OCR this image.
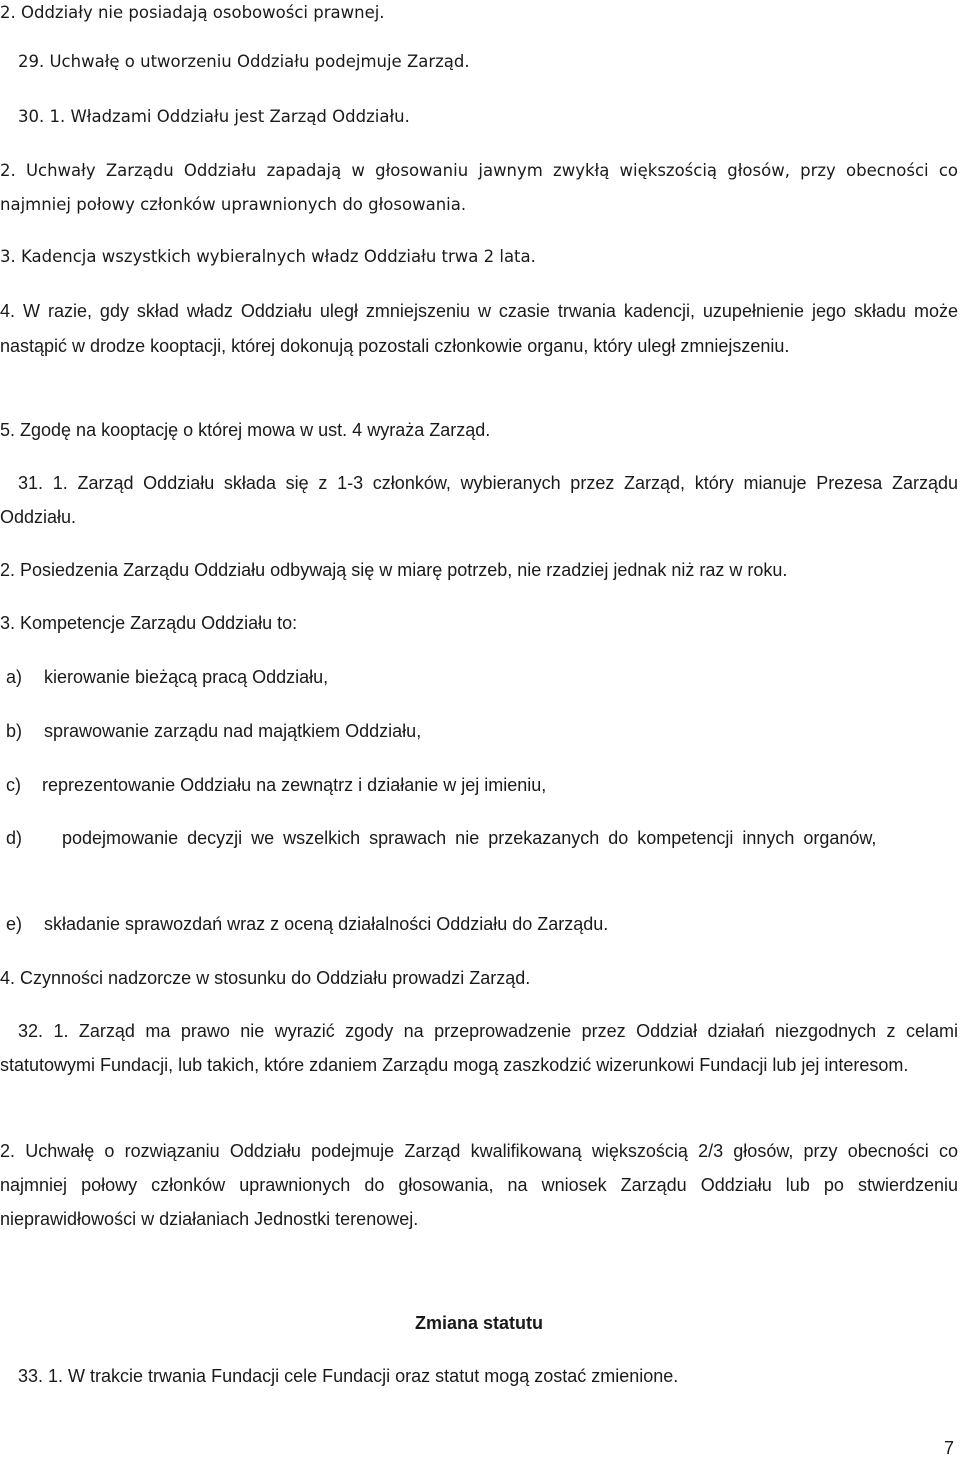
2. Oddziały nie posiadają osobowości prawnej.
29. Uchwałę o utworzeniu Oddziału podejmuje Zarząd.
30. 1. Władzami Oddziału jest Zarząd Oddziału.
2. Uchwały Zarządu Oddziału zapadają w głosowaniu jawnym zwykłą większością głosów, przy obecności co najmniej połowy członków uprawnionych do głosowania.
3. Kadencja wszystkich wybieralnych władz Oddziału trwa 2 lata.
4. W razie, gdy skład władz Oddziału uległ zmniejszeniu w czasie trwania kadencji, uzupełnienie jego składu może nastąpić w drodze kooptacji, której dokonują pozostali członkowie organu, który uległ zmniejszeniu.
5. Zgodę na kooptację o której mowa w ust. 4 wyraża Zarząd.
31. 1. Zarząd Oddziału składa się z 1-3 członków, wybieranych przez Zarząd, który mianuje Prezesa Zarządu Oddziału.
2. Posiedzenia Zarządu Oddziału odbywają się w miarę potrzeb, nie rzadziej jednak niż raz w roku.
3. Kompetencje Zarządu Oddziału to:
a)	kierowanie bieżącą pracą Oddziału,
b)	sprawowanie zarządu nad majątkiem Oddziału,
c)	reprezentowanie Oddziału na zewnątrz i działanie w jej imieniu,
d) podejmowanie decyzji we wszelkich sprawach nie przekazanych do kompetencji innych organów,
e)	składanie sprawozdań wraz z oceną działalności Oddziału do Zarządu.
4. Czynności nadzorcze w stosunku do Oddziału prowadzi Zarząd.
32. 1. Zarząd ma prawo nie wyrazić zgody na przeprowadzenie przez Oddział działań niezgodnych z celami statutowymi Fundacji, lub takich, które zdaniem Zarządu mogą zaszkodzić wizerunkowi Fundacji lub jej interesom.
2. Uchwałę o rozwiązaniu Oddziału podejmuje Zarząd kwalifikowaną większością 2/3 głosów, przy obecności co najmniej połowy członków uprawnionych do głosowania, na wniosek Zarządu Oddziału lub po stwierdzeniu nieprawidłowości w działaniach Jednostki terenowej.
Zmiana statutu
33. 1. W trakcie trwania Fundacji cele Fundacji oraz statut mogą zostać zmienione.
7
